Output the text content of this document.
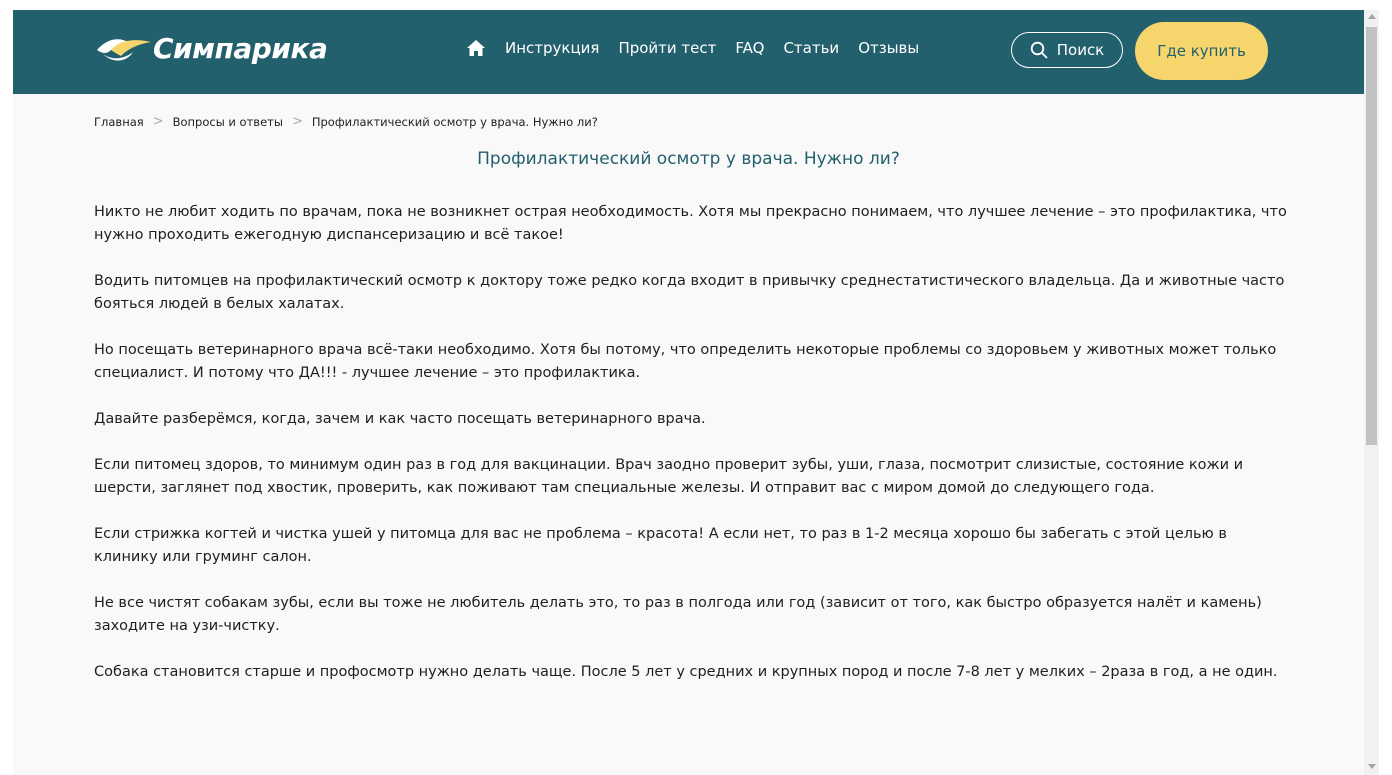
Симпарика	Инструкция Пройти тест FAQ Статьи Отзывы	Поиск	Где купить
Главная > Вопросы и ответы > Профилактический осмотр у врача. Нужно ли?
Профилактический осмотр у врача. Нужно ли?

Никто не любит ходить по врачам, пока не возникнет острая необходимость. Хотя мы прекрасно понимаем, что лучшее лечение – это профилактика, что нужно проходить ежегодную диспансеризацию и всё такое!

Водить питомцев на профилактический осмотр к доктору тоже редко когда входит в привычку среднестатистического владельца. Да и животные часто бояться людей в белых халатах.

Но посещать ветеринарного врача всё-таки необходимо. Хотя бы потому, что определить некоторые проблемы со здоровьем у животных может только специалист. И потому что ДА!!! - лучшее лечение – это профилактика.

Давайте разберёмся, когда, зачем и как часто посещать ветеринарного врача.

Если питомец здоров, то минимум один раз в год для вакцинации. Врач заодно проверит зубы, уши, глаза, посмотрит слизистые, состояние кожи и шерсти, заглянет под хвостик, проверить, как поживают там специальные железы. И отправит вас с миром домой до следующего года.

Если стрижка когтей и чистка ушей у питомца для вас не проблема – красота! А если нет, то раз в 1-2 месяца хорошо бы забегать с этой целью в клинику или груминг салон.

Не все чистят собакам зубы, если вы тоже не любитель делать это, то раз в полгода или год (зависит от того, как быстро образуется налёт и камень) заходите на узи-чистку.

Собака становится старше и профосмотр нужно делать чаще. После 5 лет у средних и крупных пород и после 7-8 лет у мелких – 2раза в год, а не один.
